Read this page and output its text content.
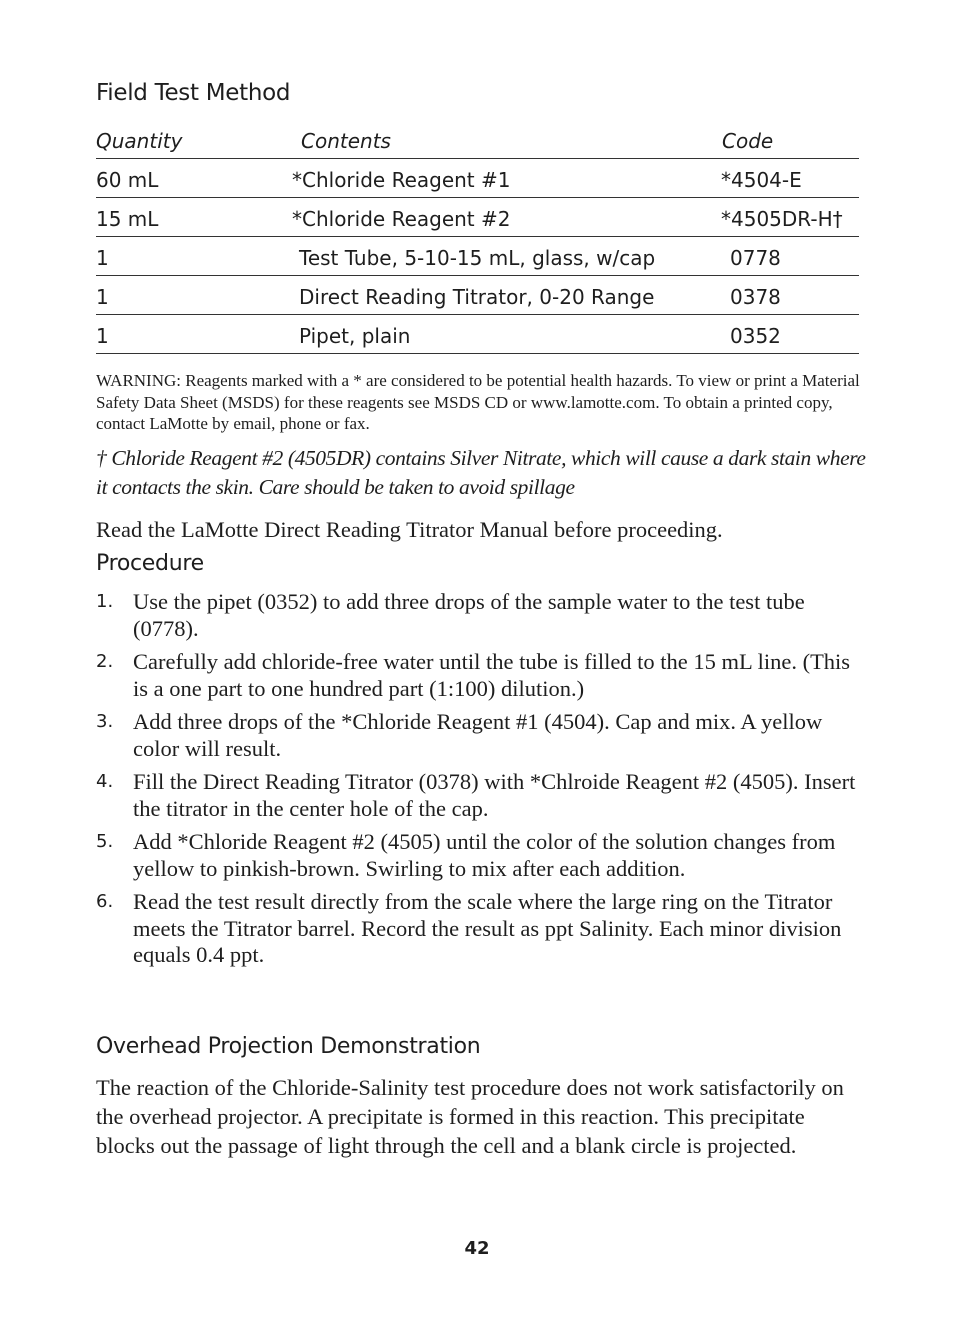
Field Test Method
Quantity	Contents	Code
60 mL	*Chloride Reagent #1	*4504-E
15 mL	*Chloride Reagent #2	*4505DR-H†
1	Test Tube, 5-10-15 mL, glass, w/cap	0778
1	Direct Reading Titrator, 0-20 Range	0378
1	Pipet, plain	0352
WARNING: Reagents marked with a * are considered to be potential health hazards. To view or print a Material Safety Data Sheet (MSDS) for these reagents see MSDS CD or www.lamotte.com. To obtain a printed copy, contact LaMotte by email, phone or fax.
† Chloride Reagent #2 (4505DR) contains Silver Nitrate, which will cause a dark stain where it contacts the skin. Care should be taken to avoid spillage
Read the LaMotte Direct Reading Titrator Manual before proceeding.
Procedure
1. Use the pipet (0352) to add three drops of the sample water to the test tube (0778).
2. Carefully add chloride-free water until the tube is filled to the 15 mL line. (This is a one part to one hundred part (1:100) dilution.)
3. Add three drops of the *Chloride Reagent #1 (4504). Cap and mix. A yellow color will result.
4. Fill the Direct Reading Titrator (0378) with *Chlroide Reagent #2 (4505). Insert the titrator in the center hole of the cap.
5. Add *Chloride Reagent #2 (4505) until the color of the solution changes from yellow to pinkish-brown. Swirling to mix after each addition.
6. Read the test result directly from the scale where the large ring on the Titrator meets the Titrator barrel. Record the result as ppt Salinity. Each minor division equals 0.4 ppt.
Overhead Projection Demonstration
The reaction of the Chloride-Salinity test procedure does not work satisfactorily on the overhead projector. A precipitate is formed in this reaction. This precipitate blocks out the passage of light through the cell and a blank circle is projected.
42
